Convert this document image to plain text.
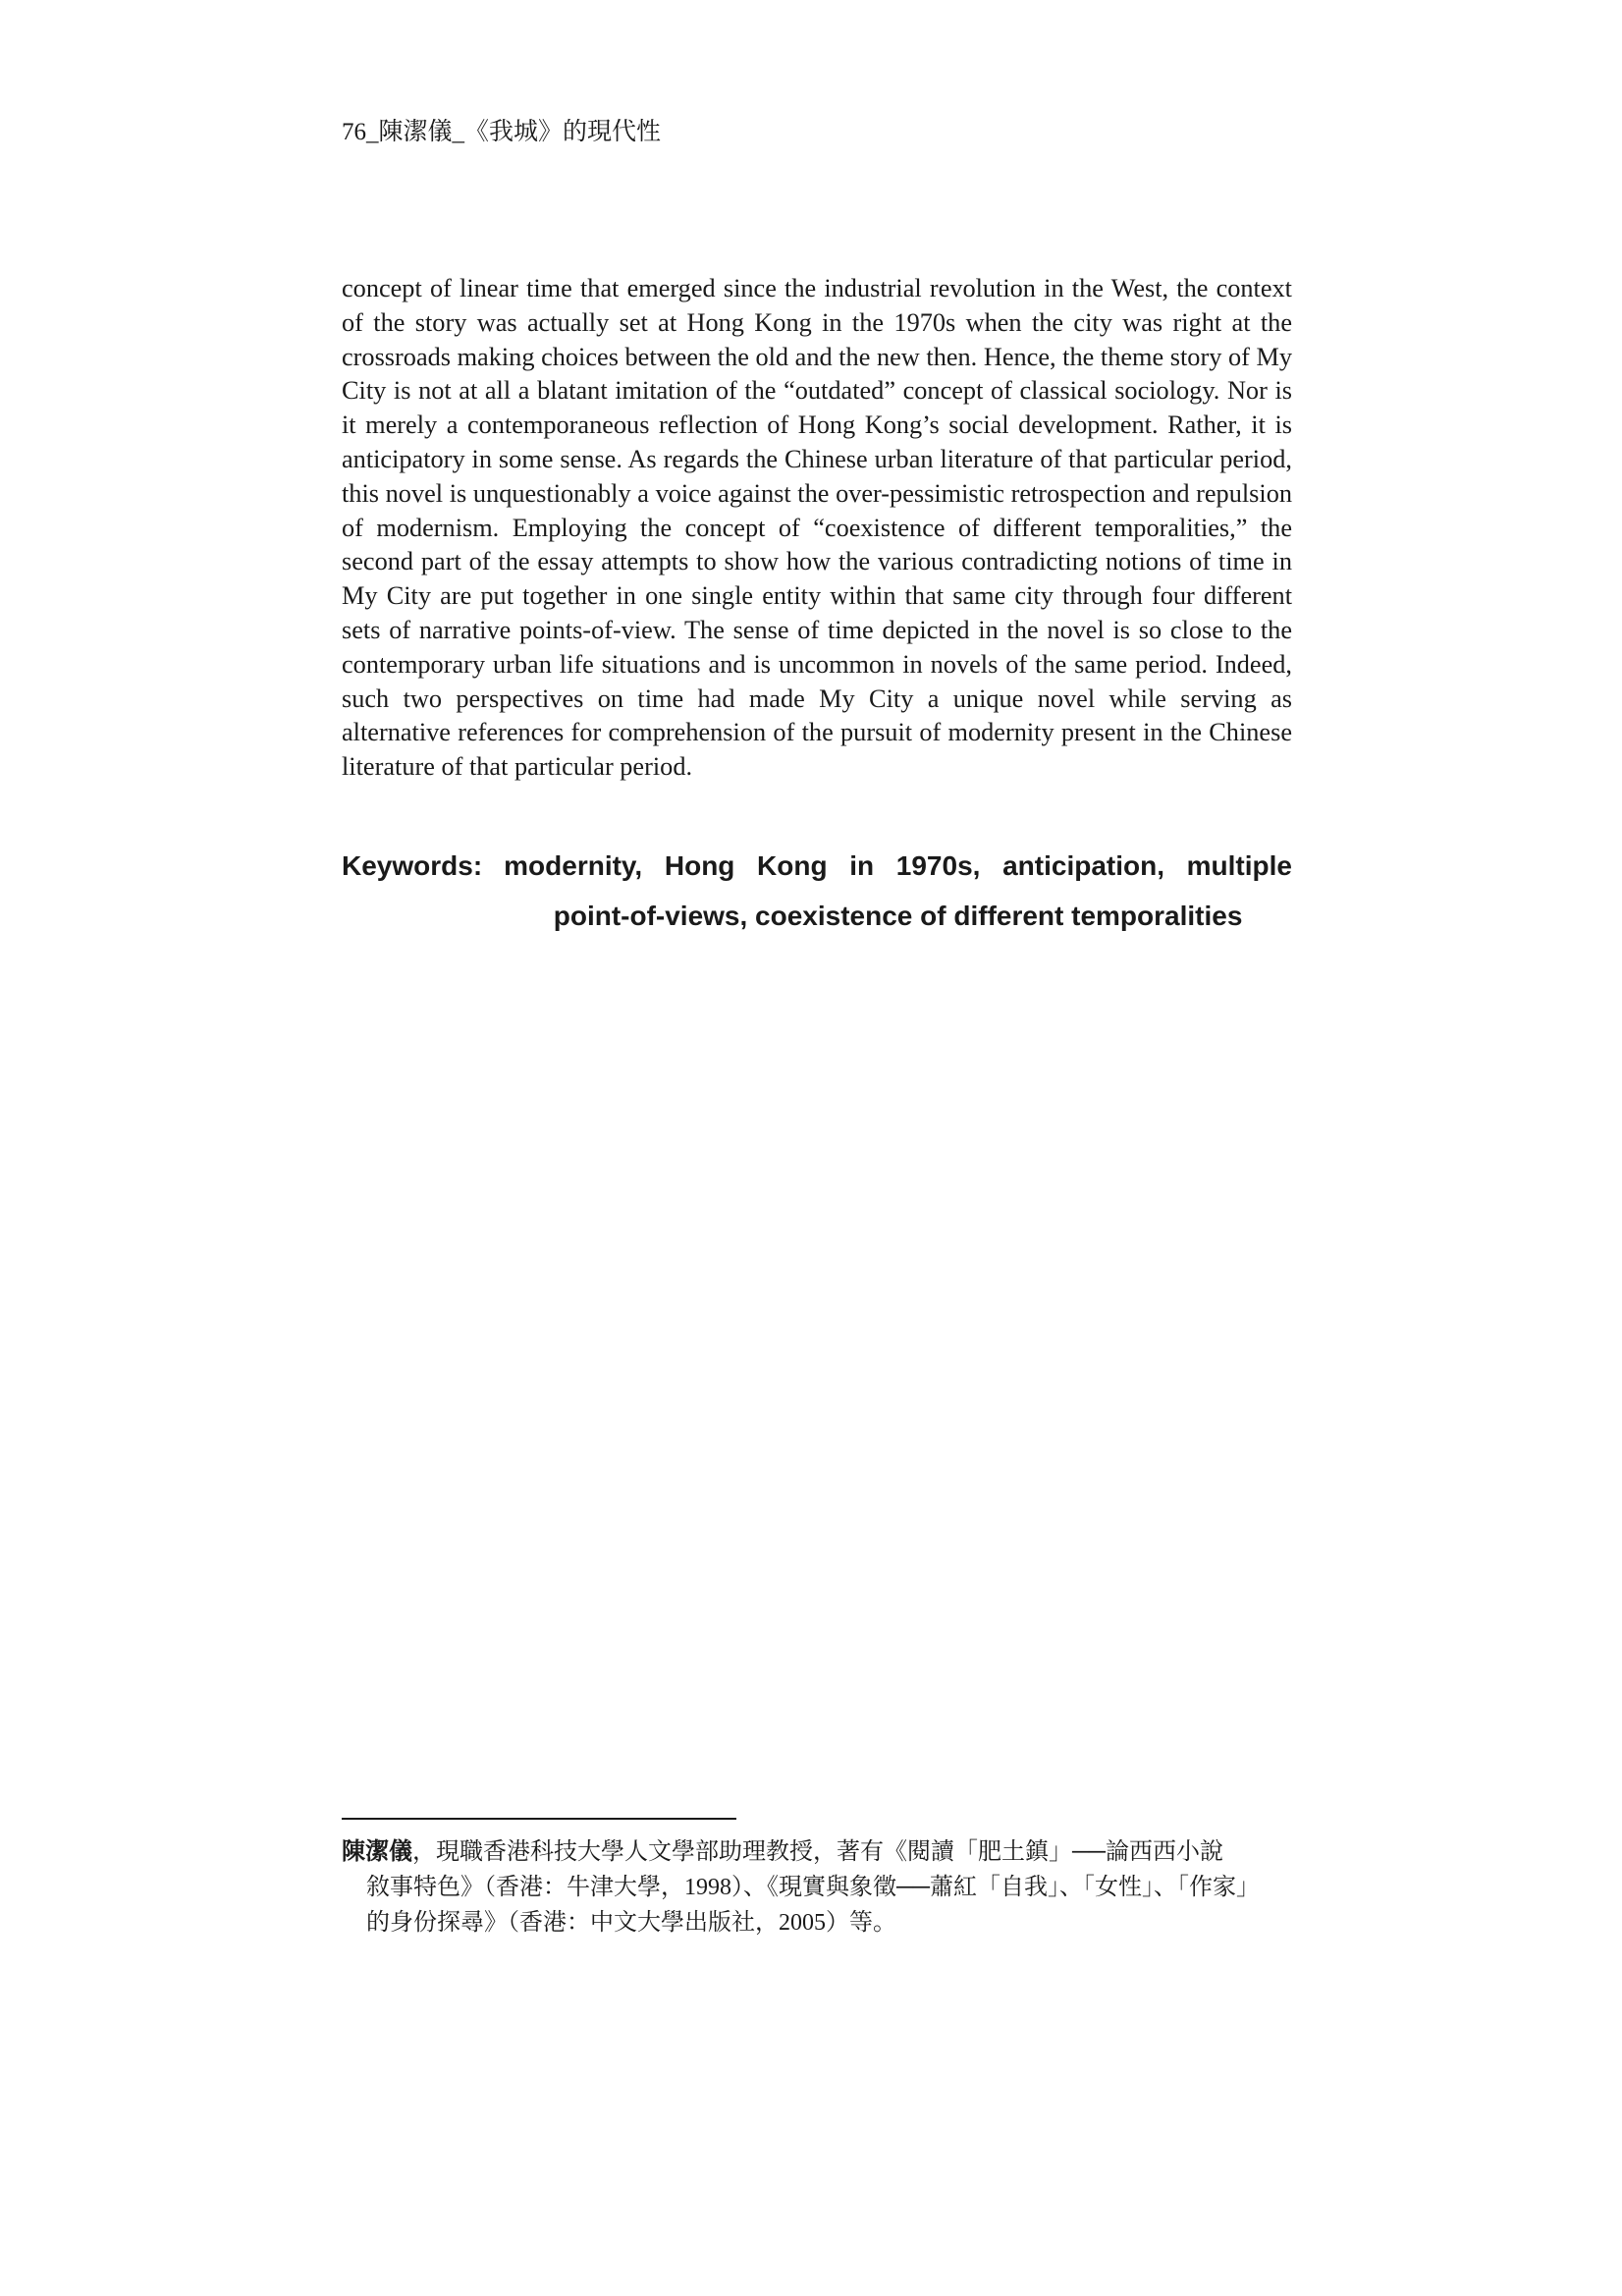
76_陳潔儀_《我城》的現代性

concept of linear time that emerged since the industrial revolution in the West, the context of the story was actually set at Hong Kong in the 1970s when the city was right at the crossroads making choices between the old and the new then. Hence, the theme story of My City is not at all a blatant imitation of the “outdated” concept of classical sociology. Nor is it merely a contemporaneous reflection of Hong Kong’s social development. Rather, it is anticipatory in some sense. As regards the Chinese urban literature of that particular period, this novel is unquestionably a voice against the over-pessimistic retrospection and repulsion of modernism. Employing the concept of “coexistence of different temporalities,” the second part of the essay attempts to show how the various contradicting notions of time in My City are put together in one single entity within that same city through four different sets of narrative points-of-view. The sense of time depicted in the novel is so close to the contemporary urban life situations and is uncommon in novels of the same period. Indeed, such two perspectives on time had made My City a unique novel while serving as alternative references for comprehension of the pursuit of modernity present in the Chinese literature of that particular period.

Keywords: modernity, Hong Kong in 1970s, anticipation, multiple
point-of-views, coexistence of different temporalities
陳潔儀，現職香港科技大學人文學部助理教授，著有《閱讀「肥土鎮」──論西西小說
敘事特色》（香港：牛津大學，1998）、《現實與象徵──蕭紅「自我」、「女性」、「作家」
的身份探尋》（香港：中文大學出版社，2005）等。
